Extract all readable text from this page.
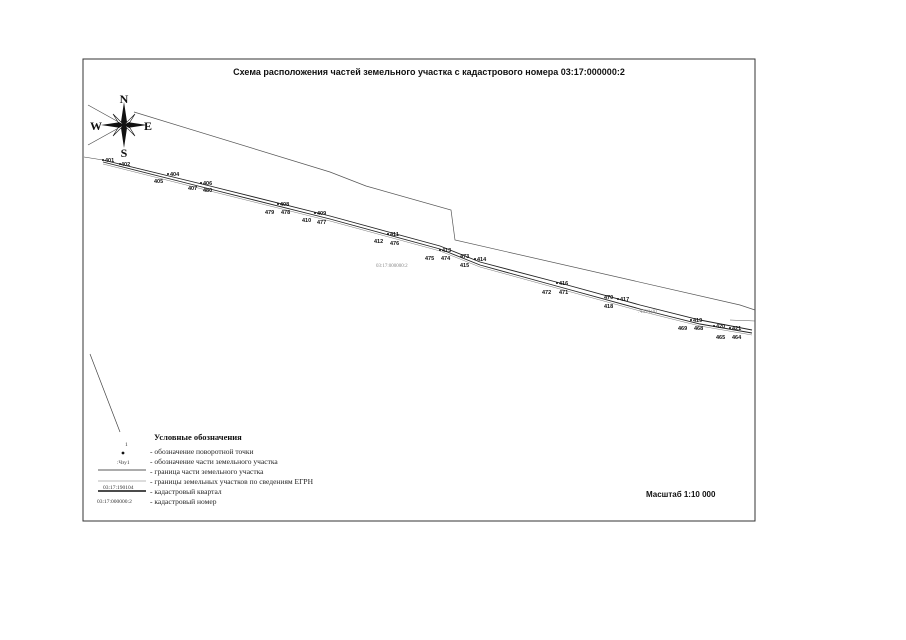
Схема расположения частей земельного участка с кадастрового номера 03:17:000000:2
N
S
W	E
03:17:000000:2
:ЧЗУ1(8)
401
402
404
405	406
407 480
408
479 478	409
410 477
411
412 476
413
475 474 473 414
415
416
472 471
470 417
418
419
469 468 420 421
465 464
Условные обозначения
1
:Чзу1
03:17:190104
03:17:000000:2
- обозначение поворотной точки
- обозначение части земельного участка
- граница части земельного участка
- границы земельных участков по сведениям ЕГРН
- кадастровый квартал
- кадастровый номер
Масштаб 1:10 000
